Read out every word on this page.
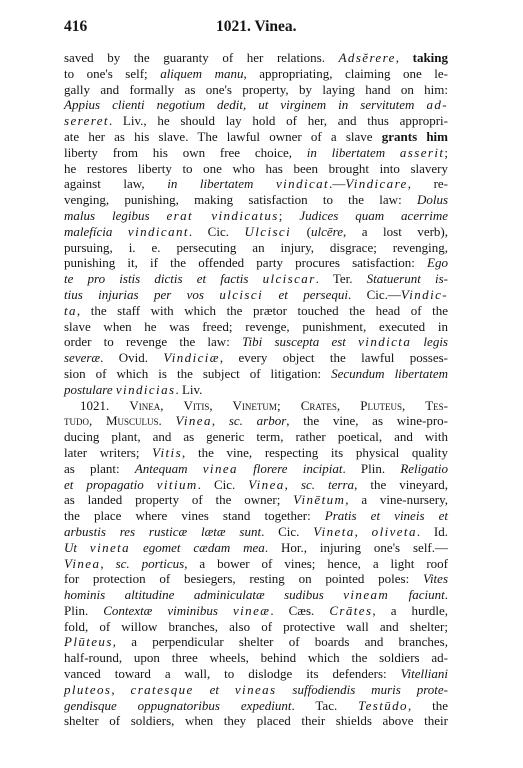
416	1021. Vinea.
saved by the guaranty of her relations. Adsĕrere, taking
to one's self; aliquem manu, appropriating, claiming one le-
gally and formally as one's property, by laying hand on him:
Appius clienti negotium dedit, ut virginem in servitutem ad-
sereret. Liv., he should lay hold of her, and thus appropri-
ate her as his slave. The lawful owner of a slave grants him
liberty from his own free choice, in libertatem asserit;
he restores liberty to one who has been brought into slavery
against law, in libertatem vindicat.—Vindicare, re-
venging, punishing, making satisfaction to the law: Dolus
malus legibus erat vindicatus; Judices quam acerrime
malefícia vindicant. Cic. Ulcisci (ulcēre, a lost verb),
pursuing, i. e. persecuting an injury, disgrace; revenging,
punishing it, if the offended party procures satisfaction: Ego
te pro istis dictis et factis ulciscar. Ter. Statuerunt is-
tius injurias per vos ulcisci et persequi. Cic.—Vindic-
ta, the staff with which the prætor touched the head of the
slave when he was freed; revenge, punishment, executed in
order to revenge the law: Tibi suscepta est vindicta legis
severæ. Ovid. Vindiciæ, every object the lawful posses-
sion of which is the subject of litigation: Secundum libertatem
postulare vindicias. Liv.
1021. Vinea, Vitis, Vinetum; Crates, Pluteus, Tes-
tudo, Musculus. Vinea, sc. arbor, the vine, as wine-pro-
ducing plant, and as generic term, rather poetical, and with
later writers; Vitis, the vine, respecting its physical quality
as plant: Antequam vinea florere incipiat. Plin. Religatio
et propagatio vitium. Cic. Vinea, sc. terra, the vineyard,
as landed property of the owner; Vinētum, a vine-nursery,
the place where vines stand together: Pratis et vineis et
arbustis res rusticæ lætæ sunt. Cic. Vineta, oliveta. Id.
Ut vineta egomet cædam mea. Hor., injuring one's self.—
Vinea, sc. porticus, a bower of vines; hence, a light roof
for protection of besiegers, resting on pointed poles: Vites
hominis altitudine adminiculatæ sudibus vineam faciunt.
Plin. Contextæ viminibus vineæ. Cæs. Crātes, a hurdle,
fold, of willow branches, also of protective wall and shelter;
Plūteus, a perpendicular shelter of boards and branches,
half-round, upon three wheels, behind which the soldiers ad-
vanced toward a wall, to dislodge its defenders: Vitelliani
pluteos, cratesque et vineas suffodiendis muris prote-
gendisque oppugnatoribus expediunt. Tac. Testūdo, the
shelter of soldiers, when they placed their shields above their
